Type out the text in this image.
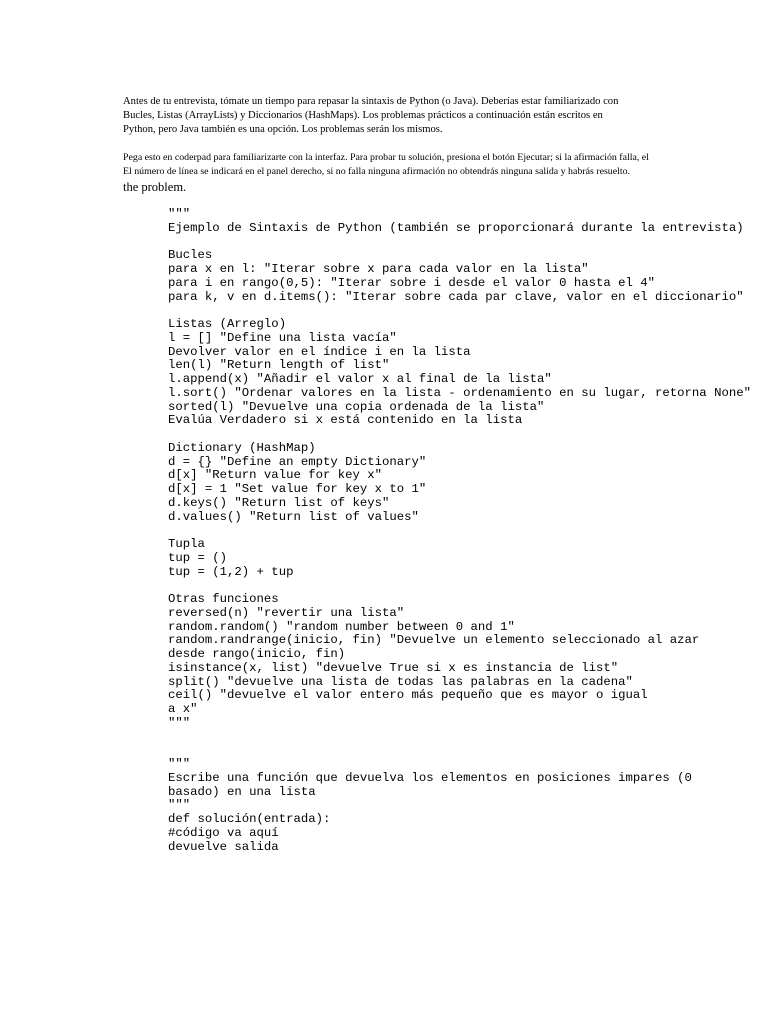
Antes de tu entrevista, tómate un tiempo para repasar la sintaxis de Python (o Java). Deberías estar familiarizado con
Bucles, Listas (ArrayLists) y Diccionarios (HashMaps). Los problemas prácticos a continuación están escritos en
Python, pero Java también es una opción. Los problemas serán los mismos.
Pega esto en coderpad para familiarizarte con la interfaz. Para probar tu solución, presiona el botón Ejecutar; si la afirmación falla, el
El número de línea se indicará en el panel derecho, si no falla ninguna afirmación no obtendrás ninguna salida y habrás resuelto.
the problem.
"""
Ejemplo de Sintaxis de Python (también se proporcionará durante la entrevista)
Bucles
para x en l: "Iterar sobre x para cada valor en la lista"
para i en rango(0,5): "Iterar sobre i desde el valor 0 hasta el 4"
para k, v en d.items(): "Iterar sobre cada par clave, valor en el diccionario"
Listas (Arreglo)
l = [] "Define una lista vacía"
Devolver valor en el índice i en la lista
len(l) "Return length of list"
l.append(x) "Añadir el valor x al final de la lista"
l.sort() "Ordenar valores en la lista - ordenamiento en su lugar, retorna None"
sorted(l) "Devuelve una copia ordenada de la lista"
Evalúa Verdadero si x está contenido en la lista
Dictionary (HashMap)
d = {} "Define an empty Dictionary"
d[x] "Return value for key x"
d[x] = 1 "Set value for key x to 1"
d.keys() "Return list of keys"
d.values() "Return list of values"
Tupla
tup = ()
tup = (1,2) + tup
Otras funciones
reversed(n) "revertir una lista"
random.random() "random number between 0 and 1"
random.randrange(inicio, fin) "Devuelve un elemento seleccionado al azar
desde rango(inicio, fin)
isinstance(x, list) "devuelve True si x es instancia de list"
split() "devuelve una lista de todas las palabras en la cadena"
ceil() "devuelve el valor entero más pequeño que es mayor o igual
a x"
"""
"""
Escribe una función que devuelva los elementos en posiciones impares (0
basado) en una lista
"""
def solución(entrada):
#código va aquí
devuelve salida
